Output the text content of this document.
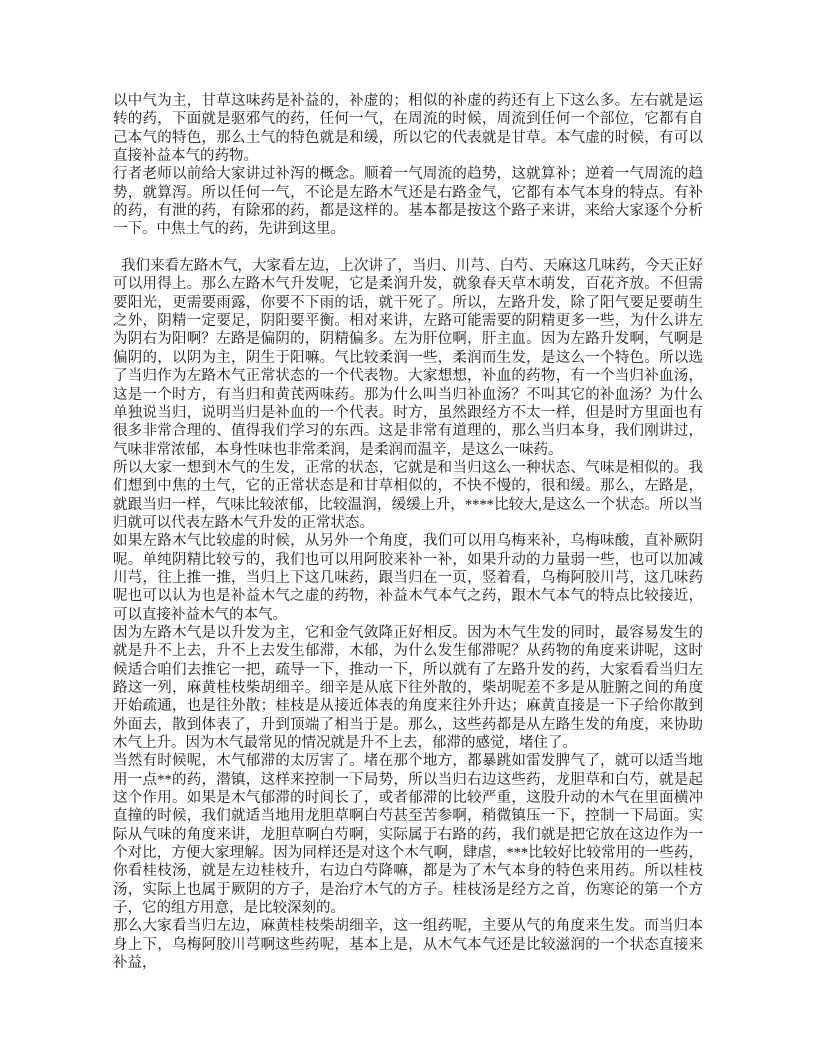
以中气为主，甘草这味药是补益的，补虚的；相似的补虚的药还有上下这么多。左右就是运转的药，下面就是驱邪气的药，任何一气，在周流的时候，周流到任何一个部位，它都有自己本气的特色，那么土气的特色就是和缓，所以它的代表就是甘草。本气虚的时候，有可以直接补益本气的药物。

行者老师以前给大家讲过补泻的概念。顺着一气周流的趋势，这就算补；逆着一气周流的趋势，就算泻。所以任何一气，不论是左路木气还是右路金气，它都有本气本身的特点。有补的药，有泄的药，有除邪的药，都是这样的。基本都是按这个路子来讲，来给大家逐个分析一下。中焦土气的药，先讲到这里。

我们来看左路木气，大家看左边，上次讲了，当归、川芎、白芍、天麻这几味药，今天正好可以用得上。那么左路木气升发呢，它是柔润升发，就象春天草木萌发，百花齐放。不但需要阳光，更需要雨露，你要不下雨的话，就干死了。所以，左路升发，除了阳气要足要萌生之外，阴精一定要足，阴阳要平衡。相对来讲，左路可能需要的阴精更多一些，为什么讲左为阴右为阳啊？左路是偏阴的，阴精偏多。左为肝位啊，肝主血。因为左路升发啊，气啊是偏阴的，以阴为主，阴生于阳嘛。气比较柔润一些，柔润而生发，是这么一个特色。所以选了当归作为左路木气正常状态的一个代表物。大家想想，补血的药物，有一个当归补血汤，这是一个时方，有当归和黄芪两味药。那为什么叫当归补血汤？不叫其它的补血汤？为什么单独说当归，说明当归是补血的一个代表。时方，虽然跟经方不太一样，但是时方里面也有很多非常合理的、值得我们学习的东西。这是非常有道理的，那么当归本身，我们刚讲过，气味非常浓郁，本身性味也非常柔润，是柔润而温辛，是这么一味药。

所以大家一想到木气的生发，正常的状态，它就是和当归这么一种状态、气味是相似的。我们想到中焦的土气，它的正常状态是和甘草相似的，不快不慢的，很和缓。那么，左路是，就跟当归一样，气味比较浓郁，比较温润，缓缓上升，****比较大,是这么一个状态。所以当归就可以代表左路木气升发的正常状态。

如果左路木气比较虚的时候，从另外一个角度，我们可以用乌梅来补，乌梅味酸，直补厥阴呢。单纯阴精比较亏的，我们也可以用阿胶来补一补，如果升动的力量弱一些，也可以加减川芎，往上推一推，当归上下这几味药，跟当归在一页，竖着看，乌梅阿胶川芎，这几味药呢也可以认为也是补益木气之虚的药物，补益木气本气之药，跟木气本气的特点比较接近，可以直接补益木气的本气。

因为左路木气是以升发为主，它和金气敛降正好相反。因为木气生发的同时，最容易发生的就是升不上去，升不上去发生郁滞，木郁，为什么发生郁滞呢？从药物的角度来讲呢，这时候适合咱们去推它一把，疏导一下，推动一下，所以就有了左路升发的药，大家看看当归左路这一列，麻黄桂枝柴胡细辛。细辛是从底下往外散的，柴胡呢差不多是从脏腑之间的角度开始疏通，也是往外散；桂枝是从接近体表的角度来往外升达；麻黄直接是一下子给你散到外面去，散到体表了，升到顶端了相当于是。那么，这些药都是从左路生发的角度，来协助木气上升。因为木气最常见的情况就是升不上去，郁滞的感觉，堵住了。

当然有时候呢，木气郁滞的太厉害了。堵在那个地方，都暴跳如雷发脾气了，就可以适当地用一点**的药，潜镇，这样来控制一下局势，所以当归右边这些药，龙胆草和白芍，就是起这个作用。如果是木气郁滞的时间长了，或者郁滞的比较严重，这股升动的木气在里面横冲直撞的时候，我们就适当地用龙胆草啊白芍甚至苦参啊，稍微镇压一下，控制一下局面。实际从气味的角度来讲，龙胆草啊白芍啊，实际属于右路的药，我们就是把它放在这边作为一个对比，方便大家理解。因为同样还是对这个木气啊，肆虐，***比较好比较常用的一些药，你看桂枝汤，就是左边桂枝升，右边白芍降嘛，都是为了木气本身的特色来用药。所以桂枝汤，实际上也属于厥阴的方子，是治疗木气的方子。桂枝汤是经方之首，伤寒论的第一个方子，它的组方用意，是比较深刻的。

那么大家看当归左边，麻黄桂枝柴胡细辛，这一组药呢，主要从气的角度来生发。而当归本身上下，乌梅阿胶川芎啊这些药呢，基本上是，从木气本气还是比较滋润的一个状态直接来补益，
